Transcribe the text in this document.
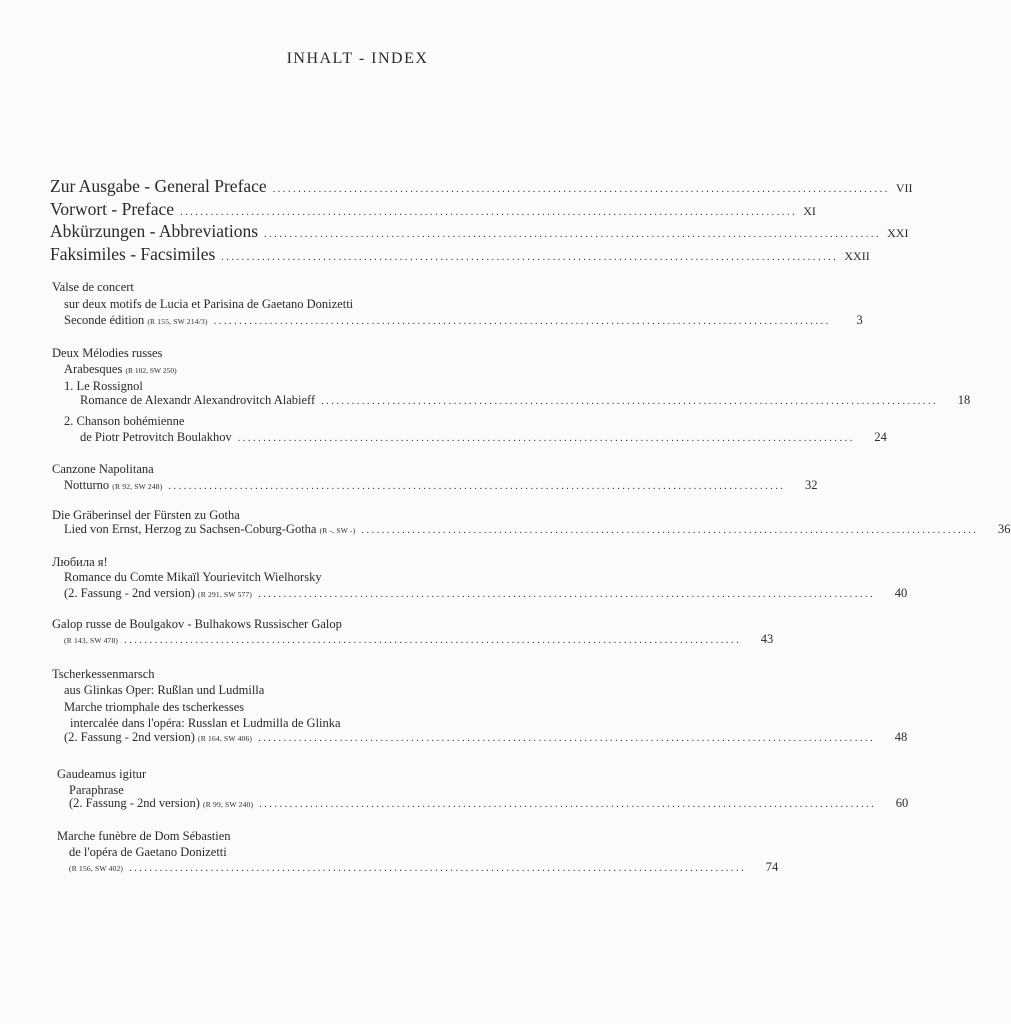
INHALT - INDEX
Zur Ausgabe - General Preface ......................................................................................................................... VII
Vorwort - Preface ......................................................................................................................... XI
Abkürzungen - Abbreviations ......................................................................................................................... XXI
Faksimiles - Facsimiles ......................................................................................................................... XXII
Valse de concert
sur deux motifs de Lucia et Parisina de Gaetano Donizetti
Seconde édition (R 155, SW 214/3) .........................................................................................................................	3
Deux Mélodies russes
Arabesques (R 102, SW 250)
1. Le Rossignol
Romance de Alexandr Alexandrovitch Alabieff .........................................................................................................................	18
2. Chanson bohémienne
de Piotr Petrovitch Boulakhov .........................................................................................................................	24
Canzone Napolitana
Notturno (R 92, SW 248) .........................................................................................................................	32
Die Gräberinsel der Fürsten zu Gotha
Lied von Ernst, Herzog zu Sachsen-Coburg-Gotha (R -, SW -) .........................................................................................................................	36
Любила я!
Romance du Comte Mikaïl Yourievitch Wielhorsky
(2. Fassung - 2nd version) (R 291, SW 577) .........................................................................................................................	40
Galop russe de Boulgakov - Bulhakows Russischer Galop
(R 143, SW 478) .........................................................................................................................	43
Tscherkessenmarsch
aus Glinkas Oper: Rußlan und Ludmilla
Marche triomphale des tscherkesses
intercalée dans l'opéra: Russlan et Ludmilla de Glinka
(2. Fassung - 2nd version) (R 164, SW 406) .........................................................................................................................	48
Gaudeamus igitur
Paraphrase
(2. Fassung - 2nd version) (R 99, SW 240) .........................................................................................................................	60
Marche funèbre de Dom Sébastien
de l'opéra de Gaetano Donizetti
(R 156, SW 402) .........................................................................................................................	74
